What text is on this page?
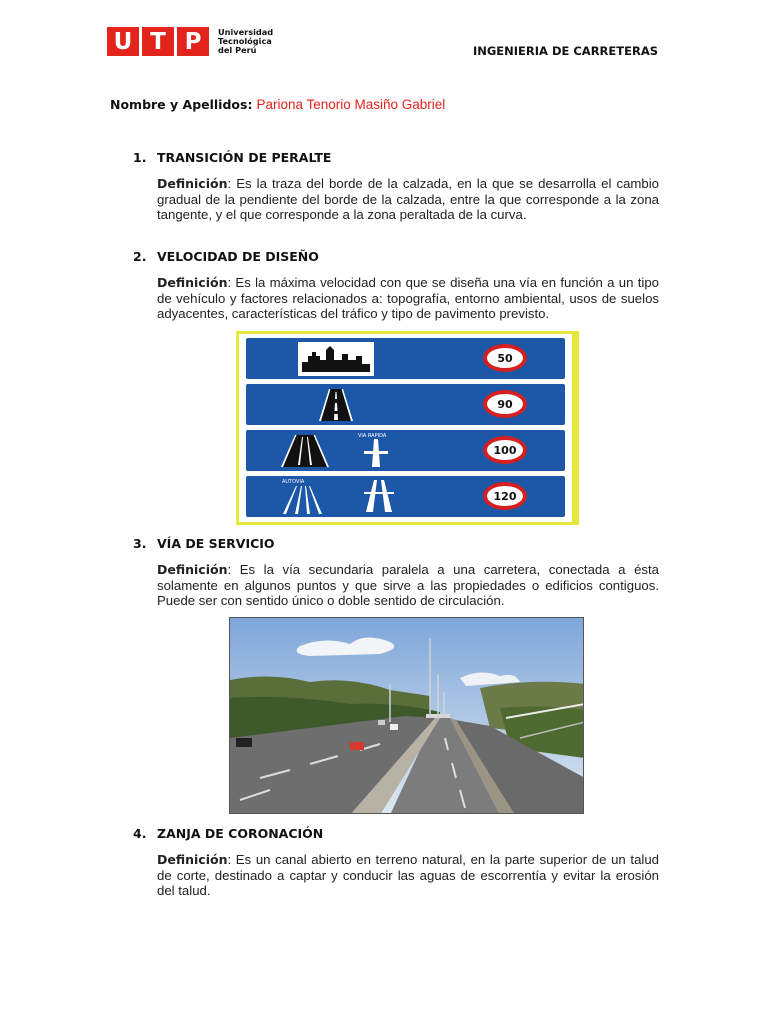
U T P	Universidad
Tecnológica
del Perú	INGENIERIA DE CARRETERAS
Nombre y Apellidos: Pariona Tenorio Masiño Gabriel
1. TRANSICIÓN DE PERALTE
Definición: Es la traza del borde de la calzada, en la que se desarrolla el cambio gradual de la pendiente del borde de la calzada, entre la que corresponde a la zona tangente, y el que corresponde a la zona peraltada de la curva.
2. VELOCIDAD DE DISEÑO
Definición: Es la máxima velocidad con que se diseña una vía en función a un tipo de vehículo y factores relacionados a: topografía, entorno ambiental, usos de suelos adyacentes, características del tráfico y tipo de pavimento previsto.
50
90
VIA RAPIDA
100
AUTOVIA
120
3. VÍA DE SERVICIO
Definición: Es la vía secundaria paralela a una carretera, conectada a ésta solamente en algunos puntos y que sirve a las propiedades o edificios contiguos. Puede ser con sentido único o doble sentido de circulación.
4. ZANJA DE CORONACIÓN
Definición: Es un canal abierto en terreno natural, en la parte superior de un talud de corte, destinado a captar y conducir las aguas de escorrentía y evitar la erosión del talud.
